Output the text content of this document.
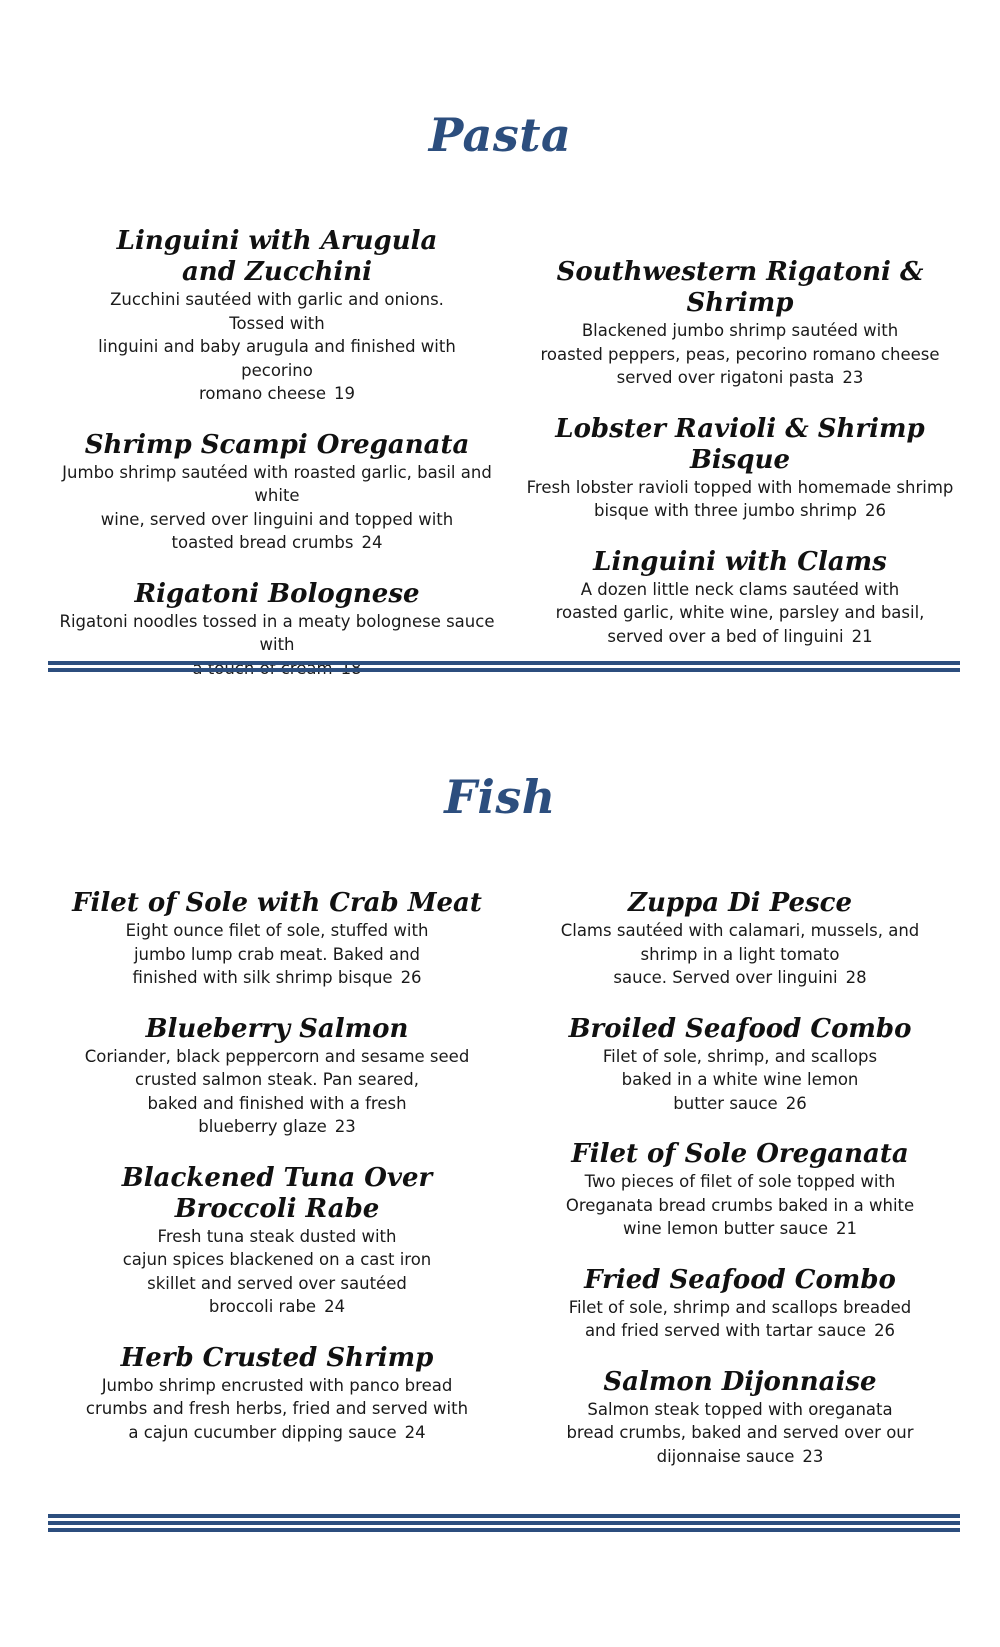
Pasta

Linguini with Arugula and Zucchini

Zucchini sautéed with garlic and onions. Tossed with
linguini and baby arugula and finished with pecorino
romano cheese 19

Shrimp Scampi Oreganata

Jumbo shrimp sautéed with roasted garlic, basil and white
wine, served over linguini and topped with
toasted bread crumbs 24

Rigatoni Bolognese

Rigatoni noodles tossed in a meaty bolognese sauce with
a touch of cream 18

Southwestern Rigatoni & Shrimp

Blackened jumbo shrimp sautéed with
roasted peppers, peas, pecorino romano cheese
served over rigatoni pasta 23

Lobster Ravioli & Shrimp Bisque

Fresh lobster ravioli topped with homemade shrimp
bisque with three jumbo shrimp 26

Linguini with Clams

A dozen little neck clams sautéed with
roasted garlic, white wine, parsley and basil,
served over a bed of linguini 21

Fish

Filet of Sole with Crab Meat

Eight ounce filet of sole, stuffed with
jumbo lump crab meat. Baked and
finished with silk shrimp bisque 26

Blueberry Salmon

Coriander, black peppercorn and sesame seed
crusted salmon steak. Pan seared,
baked and finished with a fresh
blueberry glaze 23

Blackened Tuna Over Broccoli Rabe

Fresh tuna steak dusted with
cajun spices blackened on a cast iron
skillet and served over sautéed
broccoli rabe 24

Herb Crusted Shrimp

Jumbo shrimp encrusted with panco bread
crumbs and fresh herbs, fried and served with
a cajun cucumber dipping sauce 24

Zuppa Di Pesce

Clams sautéed with calamari, mussels, and
shrimp in a light tomato
sauce. Served over linguini 28

Broiled Seafood Combo

Filet of sole, shrimp, and scallops
baked in a white wine lemon
butter sauce 26

Filet of Sole Oreganata

Two pieces of filet of sole topped with
Oreganata bread crumbs baked in a white
wine lemon butter sauce 21

Fried Seafood Combo

Filet of sole, shrimp and scallops breaded
and fried served with tartar sauce 26

Salmon Dijonnaise

Salmon steak topped with oreganata
bread crumbs, baked and served over our
dijonnaise sauce 23
